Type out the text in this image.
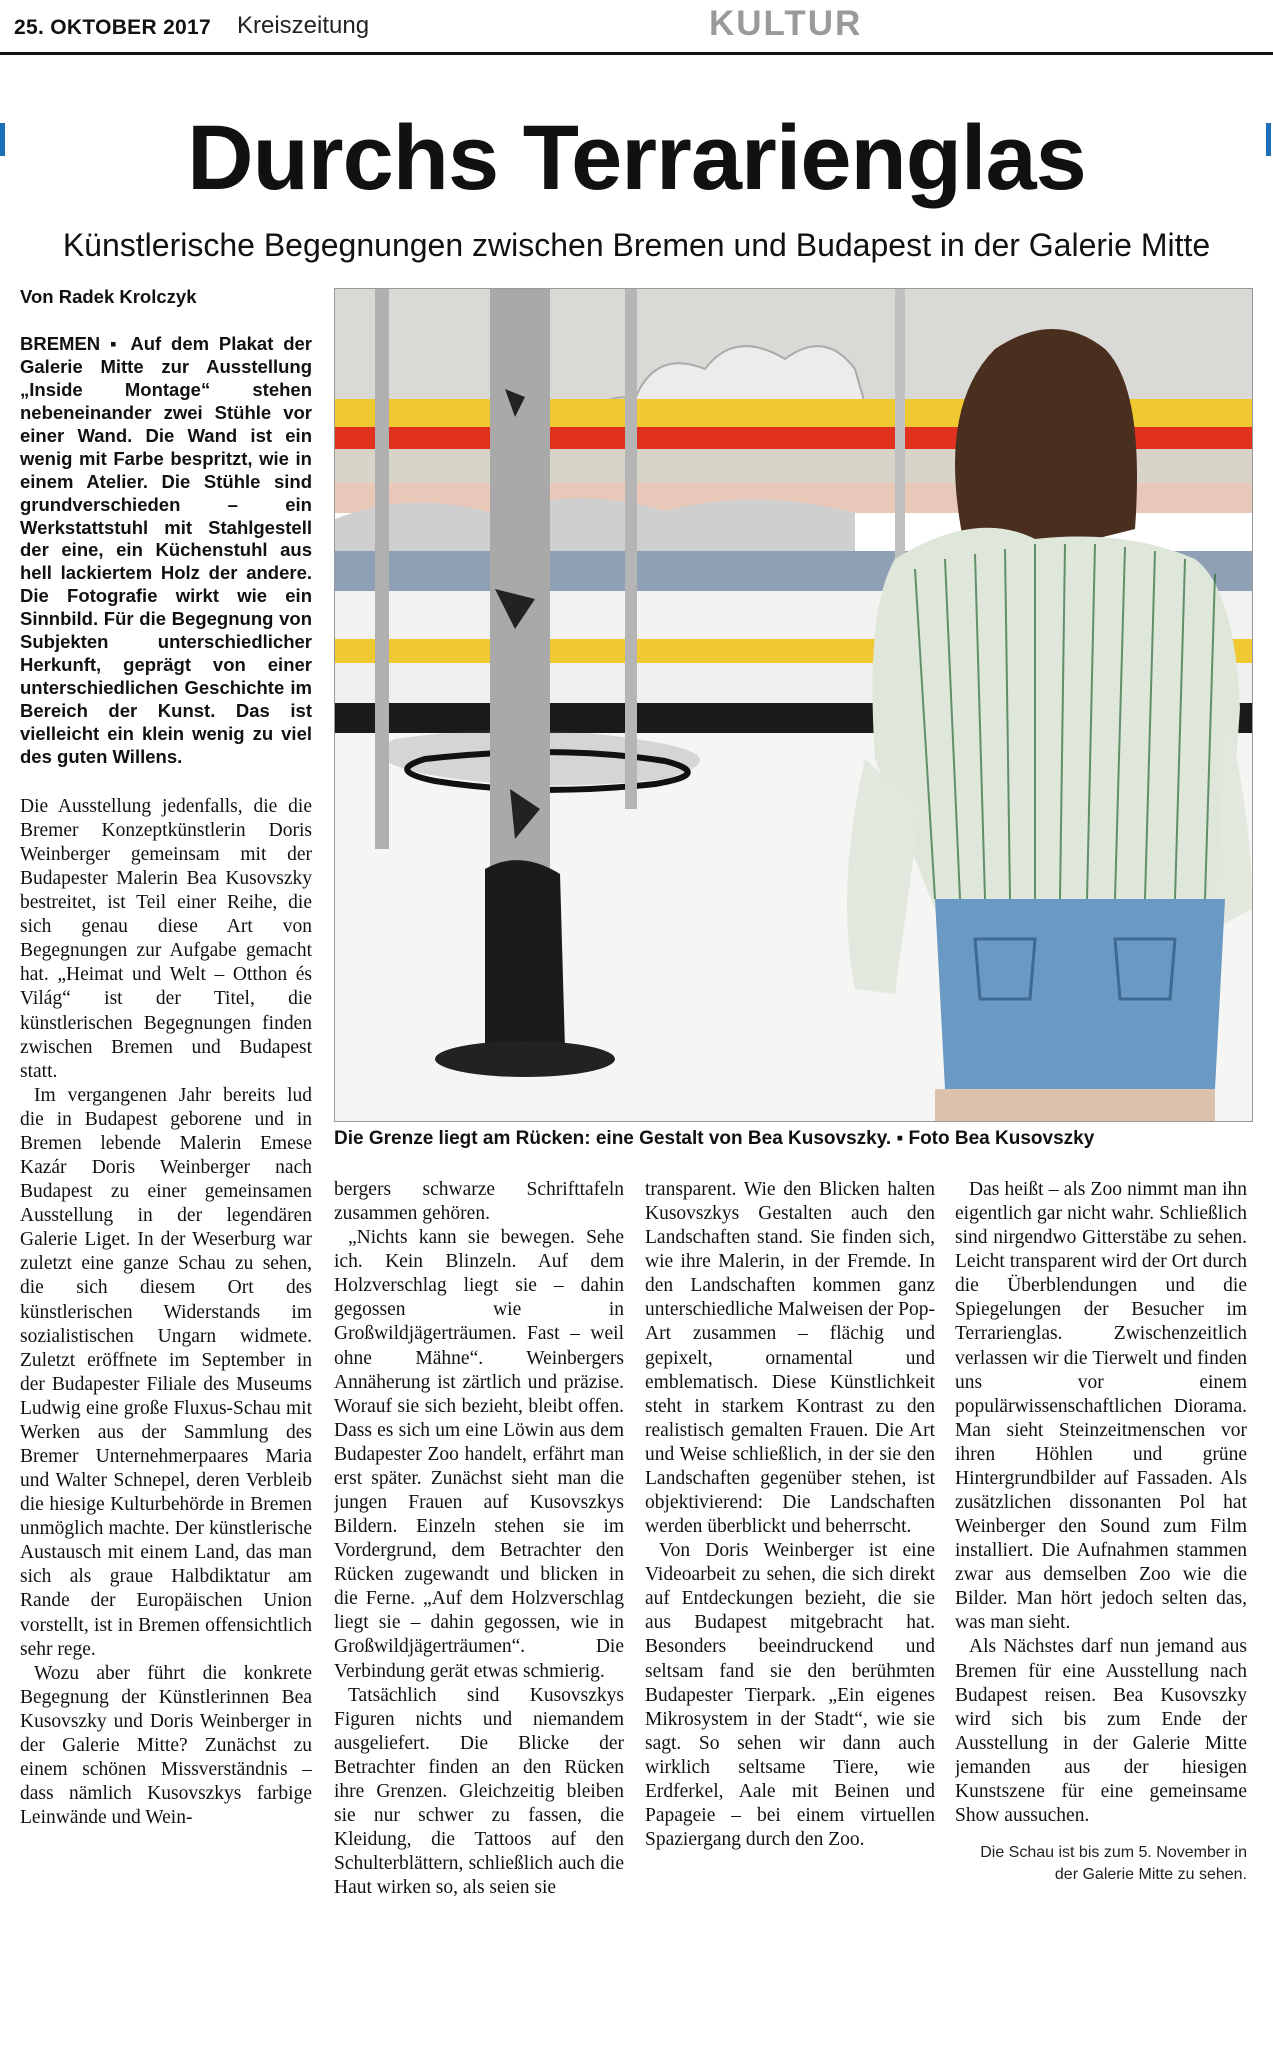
25. OKTOBER 2017 Kreiszeitung	KULTUR
Durchs Terrarienglas
Künstlerische Begegnungen zwischen Bremen und Budapest in der Galerie Mitte
Von Radek Krolczyk

BREMEN ▪ Auf dem Plakat der Galerie Mitte zur Ausstellung „Inside Montage“ stehen nebeneinander zwei Stühle vor einer Wand. Die Wand ist ein wenig mit Farbe bespritzt, wie in einem Atelier. Die Stühle sind grundverschieden – ein Werkstattstuhl mit Stahlgestell der eine, ein Küchenstuhl aus hell lackiertem Holz der andere. Die Fotografie wirkt wie ein Sinnbild. Für die Begegnung von Subjekten unterschiedlicher Herkunft, geprägt von einer unterschiedlichen Geschichte im Bereich der Kunst. Das ist vielleicht ein klein wenig zu viel des guten Willens.

Die Ausstellung jedenfalls, die die Bremer Konzeptkünstlerin Doris Weinberger gemeinsam mit der Budapester Malerin Bea Kusovszky bestreitet, ist Teil einer Reihe, die sich genau diese Art von Begegnungen zur Aufgabe gemacht hat. „Heimat und Welt – Otthon és Világ“ ist der Titel, die künstlerischen Begegnungen finden zwischen Bremen und Budapest statt.

Im vergangenen Jahr bereits lud die in Budapest geborene und in Bremen lebende Malerin Emese Kazár Doris Weinberger nach Budapest zu einer gemeinsamen Ausstellung in der legendären Galerie Liget. In der Weserburg war zuletzt eine ganze Schau zu sehen, die sich diesem Ort des künstlerischen Widerstands im sozialistischen Ungarn widmete. Zuletzt eröffnete im September in der Budapester Filiale des Museums Ludwig eine große Fluxus-Schau mit Werken aus der Sammlung des Bremer Unternehmerpaares Maria und Walter Schnepel, deren Verbleib die hiesige Kulturbehörde in Bremen unmöglich machte. Der künstlerische Austausch mit einem Land, das man sich als graue Halbdiktatur am Rande der Europäischen Union vorstellt, ist in Bremen offensichtlich sehr rege.

Wozu aber führt die konkrete Begegnung der Künstlerinnen Bea Kusovszky und Doris Weinberger in der Galerie Mitte? Zunächst zu einem schönen Missverständnis – dass nämlich Kusovszkys farbige Leinwände und Wein-

Die Grenze liegt am Rücken: eine Gestalt von Bea Kusovszky. ▪ Foto Bea Kusovszky

bergers schwarze Schrifttafeln zusammen gehören.

„Nichts kann sie bewegen. Sehe ich. Kein Blinzeln. Auf dem Holzverschlag liegt sie – dahin gegossen wie in Großwildjägerträumen. Fast – weil ohne Mähne“. Weinbergers Annäherung ist zärtlich und präzise. Worauf sie sich bezieht, bleibt offen. Dass es sich um eine Löwin aus dem Budapester Zoo handelt, erfährt man erst später. Zunächst sieht man die jungen Frauen auf Kusovszkys Bildern. Einzeln stehen sie im Vordergrund, dem Betrachter den Rücken zugewandt und blicken in die Ferne. „Auf dem Holzverschlag liegt sie – dahin gegossen, wie in Großwildjägerträumen“. Die Verbindung gerät etwas schmierig.

Tatsächlich sind Kusovszkys Figuren nichts und niemandem ausgeliefert. Die Blicke der Betrachter finden an den Rücken ihre Grenzen. Gleichzeitig bleiben sie nur schwer zu fassen, die Kleidung, die Tattoos auf den Schulterblättern, schließlich auch die Haut wirken so, als seien sie

transparent. Wie den Blicken halten Kusovszkys Gestalten auch den Landschaften stand. Sie finden sich, wie ihre Malerin, in der Fremde. In den Landschaften kommen ganz unterschiedliche Malweisen der Pop-Art zusammen – flächig und gepixelt, ornamental und emblematisch. Diese Künstlichkeit steht in starkem Kontrast zu den realistisch gemalten Frauen. Die Art und Weise schließlich, in der sie den Landschaften gegenüber stehen, ist objektivierend: Die Landschaften werden überblickt und beherrscht.

Von Doris Weinberger ist eine Videoarbeit zu sehen, die sich direkt auf Entdeckungen bezieht, die sie aus Budapest mitgebracht hat. Besonders beeindruckend und seltsam fand sie den berühmten Budapester Tierpark. „Ein eigenes Mikrosystem in der Stadt“, wie sie sagt. So sehen wir dann auch wirklich seltsame Tiere, wie Erdferkel, Aale mit Beinen und Papageie – bei einem virtuellen Spaziergang durch den Zoo.

Das heißt – als Zoo nimmt man ihn eigentlich gar nicht wahr. Schließlich sind nirgendwo Gitterstäbe zu sehen. Leicht transparent wird der Ort durch die Überblendungen und die Spiegelungen der Besucher im Terrarienglas. Zwischenzeitlich verlassen wir die Tierwelt und finden uns vor einem populärwissenschaftlichen Diorama. Man sieht Steinzeitmenschen vor ihren Höhlen und grüne Hintergrundbilder auf Fassaden. Als zusätzlichen dissonanten Pol hat Weinberger den Sound zum Film installiert. Die Aufnahmen stammen zwar aus demselben Zoo wie die Bilder. Man hört jedoch selten das, was man sieht.

Als Nächstes darf nun jemand aus Bremen für eine Ausstellung nach Budapest reisen. Bea Kusovszky wird sich bis zum Ende der Ausstellung in der Galerie Mitte jemanden aus der hiesigen Kunstszene für eine gemeinsame Show aussuchen.

Die Schau ist bis zum 5. November in der Galerie Mitte zu sehen.
